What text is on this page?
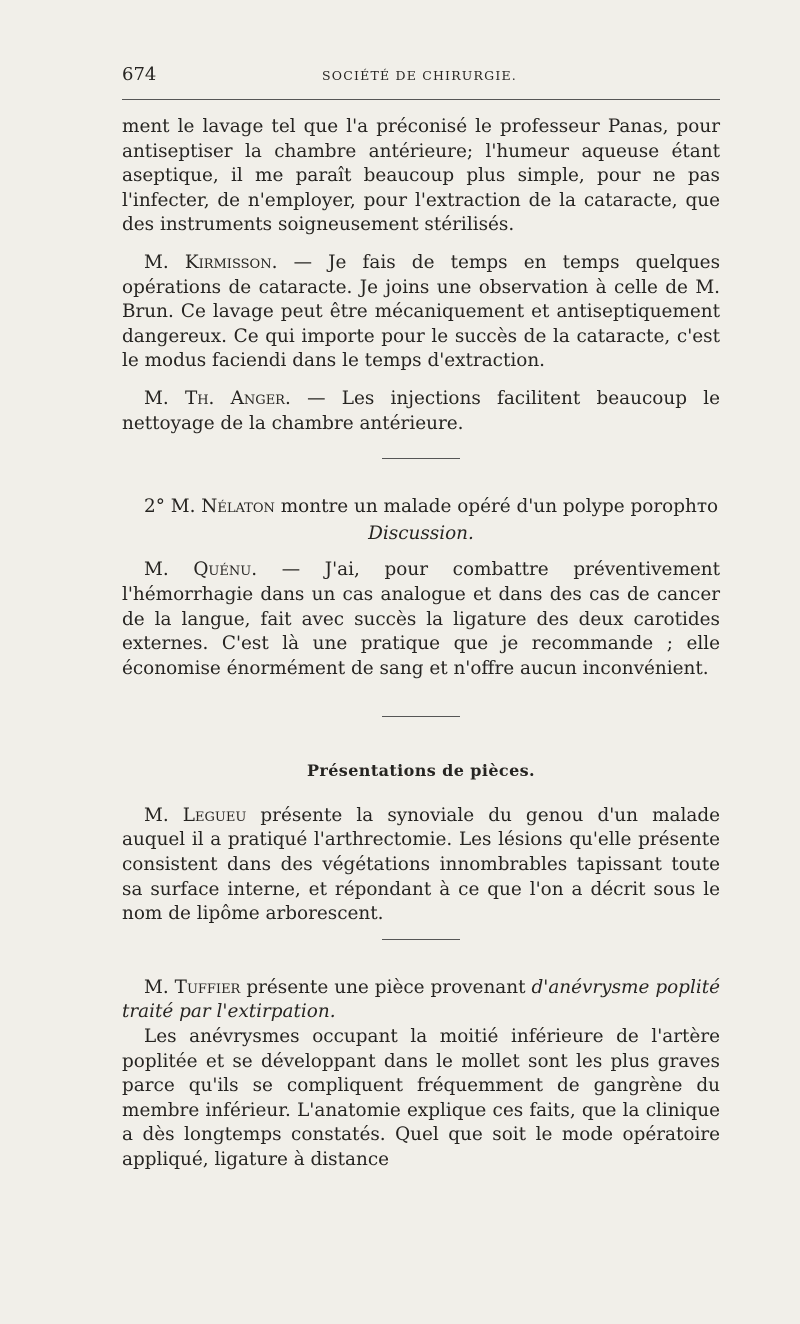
674	SOCIÉTÉ DE CHIRURGIE.

ment le lavage tel que l'a préconisé le professeur Panas, pour antiseptiser la chambre antérieure; l'humeur aqueuse étant aseptique, il me paraît beaucoup plus simple, pour ne pas l'infecter, de n'employer, pour l'extraction de la cataracte, que des instruments soigneusement stérilisés.

M. Kirmisson. — Je fais de temps en temps quelques opérations de cataracte. Je joins une observation à celle de M. Brun. Ce lavage peut être mécaniquement et antiseptiquement dangereux. Ce qui importe pour le succès de la cataracte, c'est le modus faciendi dans le temps d'extraction.

M. Th. Anger. — Les injections facilitent beaucoup le nettoyage de la chambre antérieure.

2° M. Nélaton montre un malade opéré d'un polype porophто

Discussion.

M. Quénu. — J'ai, pour combattre préventivement l'hémorrhagie dans un cas analogue et dans des cas de cancer de la langue, fait avec succès la ligature des deux carotides externes. C'est là une pratique que je recommande ; elle économise énormément de sang et n'offre aucun inconvénient.

Présentations de pièces.

M. Legueu présente la synoviale du genou d'un malade auquel il a pratiqué l'arthrectomie. Les lésions qu'elle présente consistent dans des végétations innombrables tapissant toute sa surface interne, et répondant à ce que l'on a décrit sous le nom de lipôme arborescent.

M. Tuffier présente une pièce provenant d'anévrysme poplité traité par l'extirpation.

Les anévrysmes occupant la moitié inférieure de l'artère poplitée et se développant dans le mollet sont les plus graves parce qu'ils se compliquent fréquemment de gangrène du membre inférieur. L'anatomie explique ces faits, que la clinique a dès longtemps constatés. Quel que soit le mode opératoire appliqué, ligature à distance
